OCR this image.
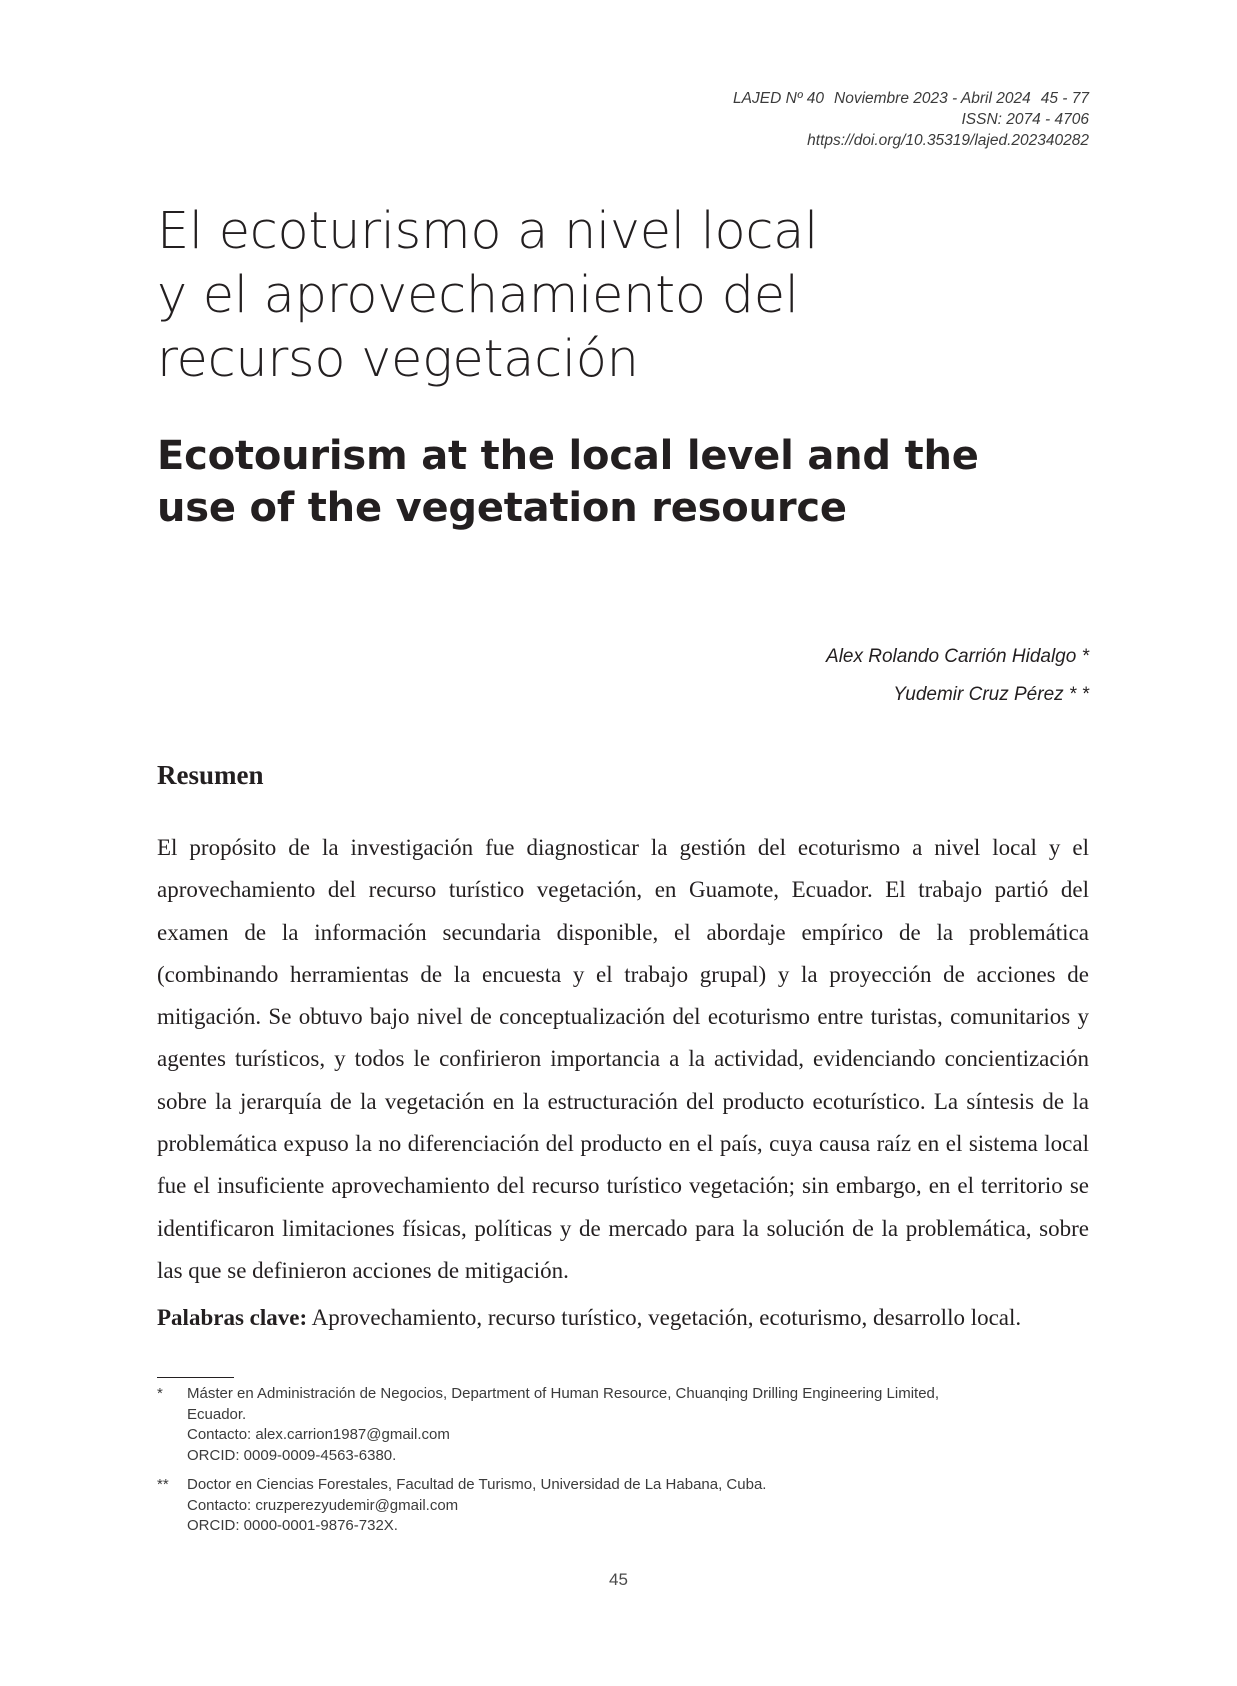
LAJED Nº 40 Noviembre 2023 - Abril 2024 45 - 77
ISSN: 2074 - 4706
https://doi.org/10.35319/lajed.202340282
El ecoturismo a nivel local
y el aprovechamiento del
recurso vegetación
Ecotourism at the local level and the
use of the vegetation resource
Alex Rolando Carrión Hidalgo *
Yudemir Cruz Pérez * *
Resumen

El propósito de la investigación fue diagnosticar la gestión del ecoturismo a nivel local y el aprovechamiento del recurso turístico vegetación, en Guamote, Ecuador. El trabajo partió del examen de la información secundaria disponible, el abordaje empírico de la problemática (combinando herramientas de la encuesta y el trabajo grupal) y la proyección de acciones de mitigación. Se obtuvo bajo nivel de conceptualización del ecoturismo entre turistas, comunitarios y agentes turísticos, y todos le confirieron importancia a la actividad, evidenciando concientización sobre la jerarquía de la vegetación en la estructuración del producto ecoturístico. La síntesis de la problemática expuso la no diferenciación del producto en el país, cuya causa raíz en el sistema local fue el insuficiente aprovechamiento del recurso turístico vegetación; sin embargo, en el territorio se identificaron limitaciones físicas, políticas y de mercado para la solución de la problemática, sobre las que se definieron acciones de mitigación.

Palabras clave: Aprovechamiento, recurso turístico, vegetación, ecoturismo, desarrollo local.

* Máster en Administración de Negocios, Department of Human Resource, Chuanqing Drilling Engineering Limited,
Ecuador.
Contacto: alex.carrion1987@gmail.com
ORCID: 0009-0009-4563-6380.
** Doctor en Ciencias Forestales, Facultad de Turismo, Universidad de La Habana, Cuba.
Contacto: cruzperezyudemir@gmail.com
ORCID: 0000-0001-9876-732X.
45
